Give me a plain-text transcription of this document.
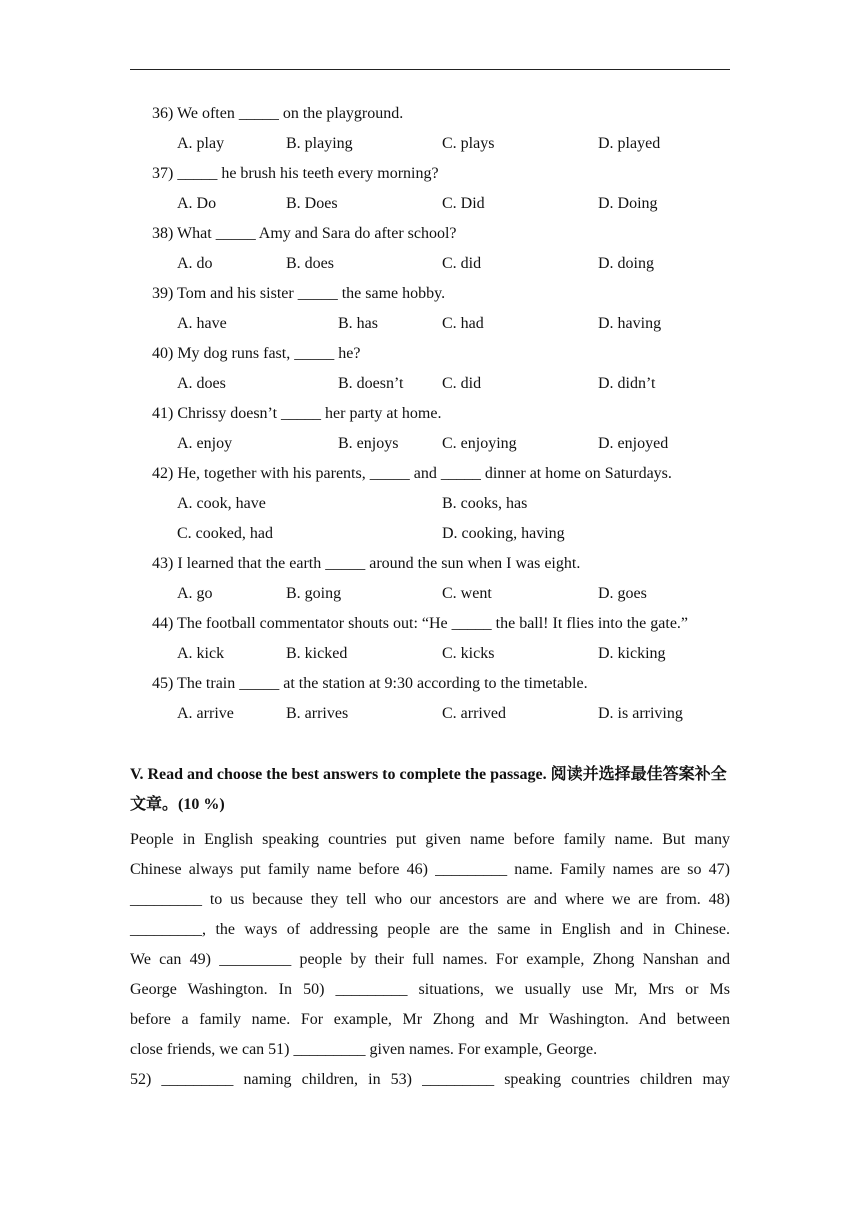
36) We often _____ on the playground.
A. play	B. playing	C. plays	D. played
37) _____ he brush his teeth every morning?
A. Do	B. Does	C. Did	D. Doing
38) What _____ Amy and Sara do after school?
A. do	B. does	C. did	D. doing
39) Tom and his sister _____ the same hobby.
A. have	B. has	C. had	D. having
40) My dog runs fast, _____ he?
A. does	B. doesn’t C. did	D. didn’t
41) Chrissy doesn’t _____ her party at home.
A. enjoy	B. enjoys	C. enjoying	D. enjoyed
42) He, together with his parents, _____ and _____ dinner at home on Saturdays.
A. cook, have	B. cooks, has
C. cooked, had	D. cooking, having
43) I learned that the earth _____ around the sun when I was eight.
A. go	B. going	C. went	D. goes
44) The football commentator shouts out: “He _____ the ball! It flies into the gate.”
A. kick	B. kicked	C. kicks	D. kicking
45) The train _____ at the station at 9:30 according to the timetable.
A. arrive	B. arrives	C. arrived	D. is arriving
V. Read and choose the best answers to complete the passage. 阅读并选择最佳答案补全文章。(10 %)
People in English speaking countries put given name before family name. But many
Chinese always put family name before 46) _________ name. Family names are so 47)
_________ to us because they tell who our ancestors are and where we are from. 48)
_________, the ways of addressing people are the same in English and in Chinese.
We can 49) _________ people by their full names. For example, Zhong Nanshan and
George Washington. In 50) _________ situations, we usually use Mr, Mrs or Ms
before a family name. For example, Mr Zhong and Mr Washington. And between
close friends, we can 51) _________ given names. For example, George.
52) _________ naming children, in 53) _________ speaking countries children may
